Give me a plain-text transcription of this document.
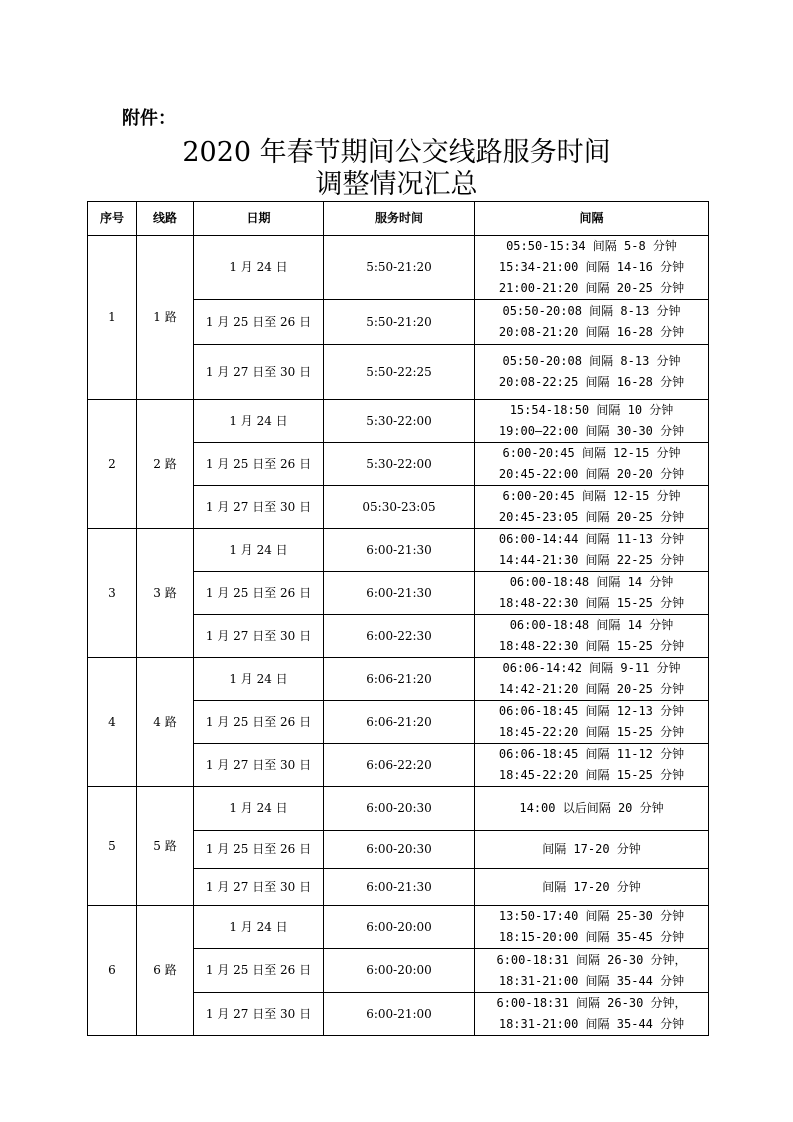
附件：
2020 年春节期间公交线路服务时间
调整情况汇总
序号	线路	日期	服务时间	间隔
1	1 路	1 月 24 日	5:50-21:20	05:50-15:34 间隔 5-8 分钟
15:34-21:00 间隔 14-16 分钟
21:00-21:20 间隔 20-25 分钟

		1 月 25 日至 26 日	5:50-21:20	05:50-20:08 间隔 8-13 分钟
20:08-21:20 间隔 16-28 分钟

		1 月 27 日至 30 日	5:50-22:25	05:50-20:08 间隔 8-13 分钟
20:08-22:25 间隔 16-28 分钟

2	2 路	1 月 24 日	5:30-22:00	15:54-18:50 间隔 10 分钟
19:00—22:00 间隔 30-30 分钟

		1 月 25 日至 26 日	5:30-22:00	6:00-20:45 间隔 12-15 分钟
20:45-22:00 间隔 20-20 分钟

		1 月 27 日至 30 日	05:30-23:05	6:00-20:45 间隔 12-15 分钟
20:45-23:05 间隔 20-25 分钟

3	3 路	1 月 24 日	6:00-21:30	06:00-14:44 间隔 11-13 分钟
14:44-21:30 间隔 22-25 分钟

		1 月 25 日至 26 日	6:00-21:30	06:00-18:48 间隔 14 分钟
18:48-22:30 间隔 15-25 分钟

		1 月 27 日至 30 日	6:00-22:30	06:00-18:48 间隔 14 分钟
18:48-22:30 间隔 15-25 分钟

4	4 路	1 月 24 日	6:06-21:20	06:06-14:42 间隔 9-11 分钟
14:42-21:20 间隔 20-25 分钟

		1 月 25 日至 26 日	6:06-21:20	06:06-18:45 间隔 12-13 分钟
18:45-22:20 间隔 15-25 分钟

		1 月 27 日至 30 日	6:06-22:20	06:06-18:45 间隔 11-12 分钟
18:45-22:20 间隔 15-25 分钟

5	5 路	1 月 24 日	6:00-20:30	14:00 以后间隔 20 分钟

		1 月 25 日至 26 日	6:00-20:30	间隔 17-20 分钟

		1 月 27 日至 30 日	6:00-21:30	间隔 17-20 分钟

6	6 路	1 月 24 日	6:00-20:00	13:50-17:40 间隔 25-30 分钟
18:15-20:00 间隔 35-45 分钟

		1 月 25 日至 26 日	6:00-20:00	6:00-18:31 间隔 26-30 分钟，
18:31-21:00 间隔 35-44 分钟

		1 月 27 日至 30 日	6:00-21:00	6:00-18:31 间隔 26-30 分钟，
18:31-21:00 间隔 35-44 分钟
